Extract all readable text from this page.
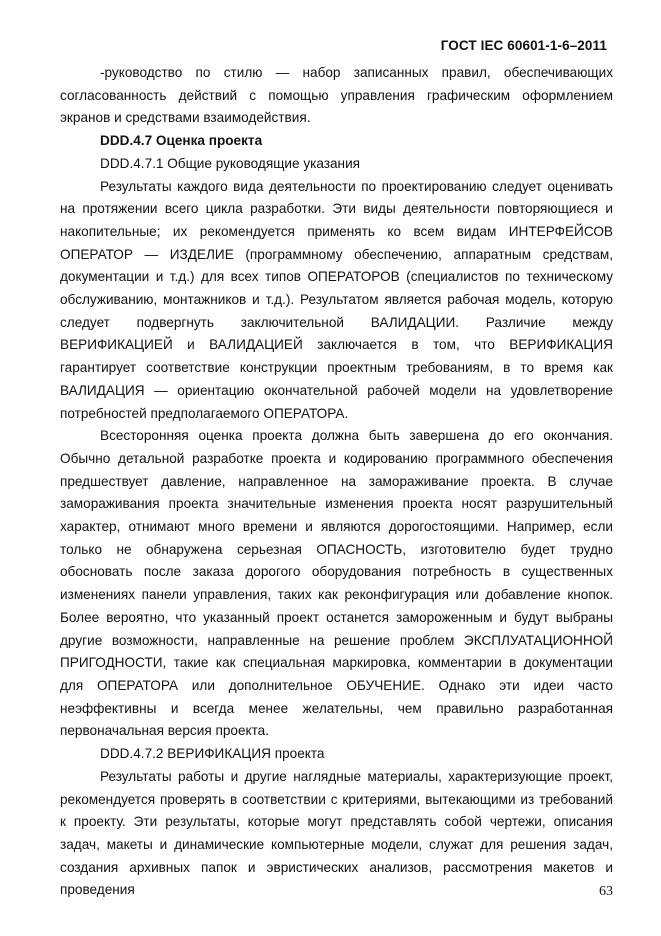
ГОСТ IEC 60601-1-6–2011

-руководство по стилю — набор записанных правил, обеспечивающих согласованность действий с помощью управления графическим оформлением экранов и средствами взаимодействия.

DDD.4.7 Оценка проекта

DDD.4.7.1 Общие руководящие указания

Результаты каждого вида деятельности по проектированию следует оценивать на протяжении всего цикла разработки. Эти виды деятельности повторяющиеся и накопительные; их рекомендуется применять ко всем видам ИНТЕРФЕЙСОВ ОПЕРАТОР — ИЗДЕЛИЕ (программному обеспечению, аппаратным средствам, документации и т.д.) для всех типов ОПЕРАТОРОВ (специалистов по техническому обслуживанию, монтажников и т.д.). Результатом является рабочая модель, которую следует подвергнуть заключительной ВАЛИДАЦИИ. Различие между ВЕРИФИКАЦИЕЙ и ВАЛИДАЦИЕЙ заключается в том, что ВЕРИФИКАЦИЯ гарантирует соответствие конструкции проектным требованиям, в то время как ВАЛИДАЦИЯ — ориентацию окончательной рабочей модели на удовлетворение потребностей предполагаемого ОПЕРАТОРА.

Всесторонняя оценка проекта должна быть завершена до его окончания. Обычно детальной разработке проекта и кодированию программного обеспечения предшествует давление, направленное на замораживание проекта. В случае замораживания проекта значительные изменения проекта носят разрушительный характер, отнимают много времени и являются дорогостоящими. Например, если только не обнаружена серьезная ОПАСНОСТЬ, изготовителю будет трудно обосновать после заказа дорогого оборудования потребность в существенных изменениях панели управления, таких как реконфигурация или добавление кнопок. Более вероятно, что указанный проект останется замороженным и будут выбраны другие возможности, направленные на решение проблем ЭКСПЛУАТАЦИОННОЙ ПРИГОДНОСТИ, такие как специальная маркировка, комментарии в документации для ОПЕРАТОРА или дополнительное ОБУЧЕНИЕ. Однако эти идеи часто неэффективны и всегда менее желательны, чем правильно разработанная первоначальная версия проекта.

DDD.4.7.2 ВЕРИФИКАЦИЯ проекта

Результаты работы и другие наглядные материалы, характеризующие проект, рекомендуется проверять в соответствии с критериями, вытекающими из требований к проекту. Эти результаты, которые могут представлять собой чертежи, описания задач, макеты и динамические компьютерные модели, служат для решения задач, создания архивных папок и эвристических анализов, рассмотрения макетов и проведения	63
